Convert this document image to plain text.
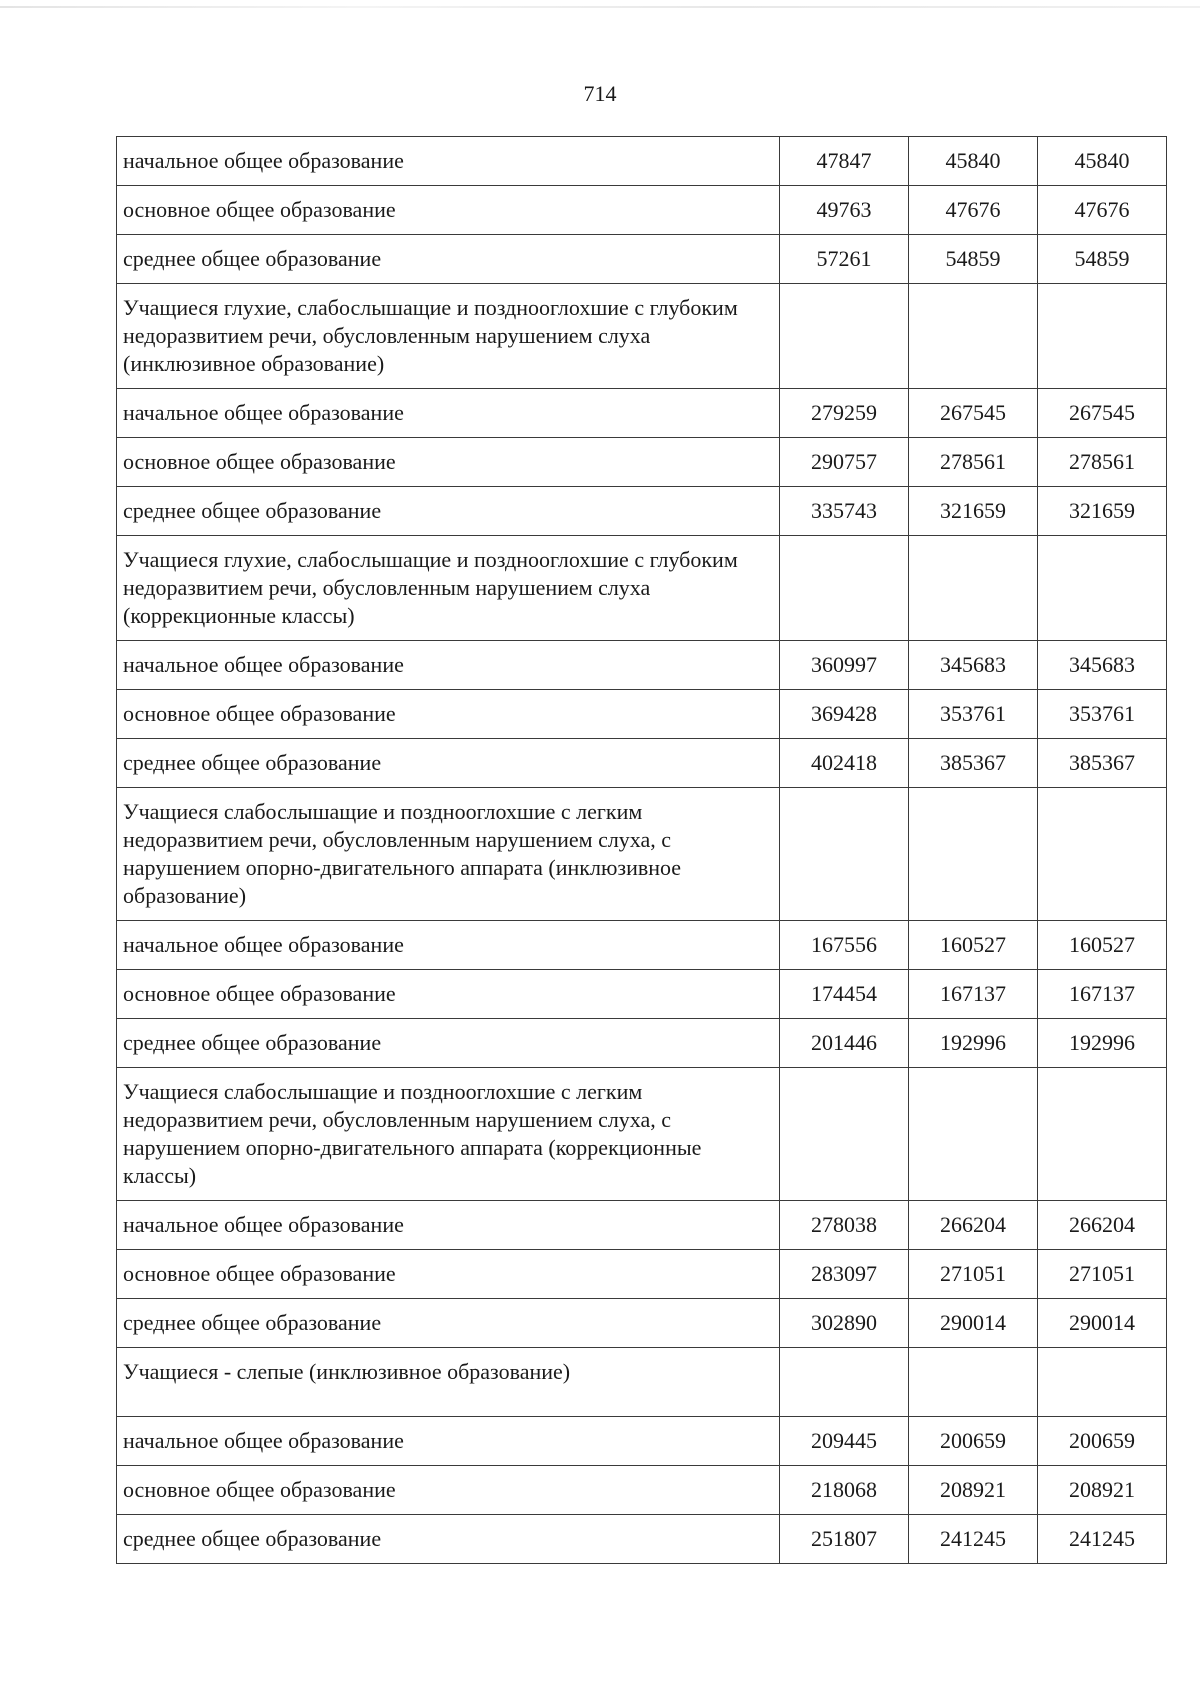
714
начальное общее образование	47847	45840	45840
основное общее образование	49763	47676	47676
среднее общее образование	57261	54859	54859
Учащиеся глухие, слабослышащие и позднооглохшие с глубоким недоразвитием речи, обусловленным нарушением слуха (инклюзивное образование)			
начальное общее образование	279259	267545	267545
основное общее образование	290757	278561	278561
среднее общее образование	335743	321659	321659
Учащиеся глухие, слабослышащие и позднооглохшие с глубоким недоразвитием речи, обусловленным нарушением слуха (коррекционные классы)			
начальное общее образование	360997	345683	345683
основное общее образование	369428	353761	353761
среднее общее образование	402418	385367	385367
Учащиеся слабослышащие и позднооглохшие с легким недоразвитием речи, обусловленным нарушением слуха, с нарушением опорно-двигательного аппарата (инклюзивное образование)			
начальное общее образование	167556	160527	160527
основное общее образование	174454	167137	167137
среднее общее образование	201446	192996	192996
Учащиеся слабослышащие и позднооглохшие с легким недоразвитием речи, обусловленным нарушением слуха, с нарушением опорно-двигательного аппарата (коррекционные классы)			
начальное общее образование	278038	266204	266204
основное общее образование	283097	271051	271051
среднее общее образование	302890	290014	290014
Учащиеся - слепые (инклюзивное образование)			
начальное общее образование	209445	200659	200659
основное общее образование	218068	208921	208921
среднее общее образование	251807	241245	241245
